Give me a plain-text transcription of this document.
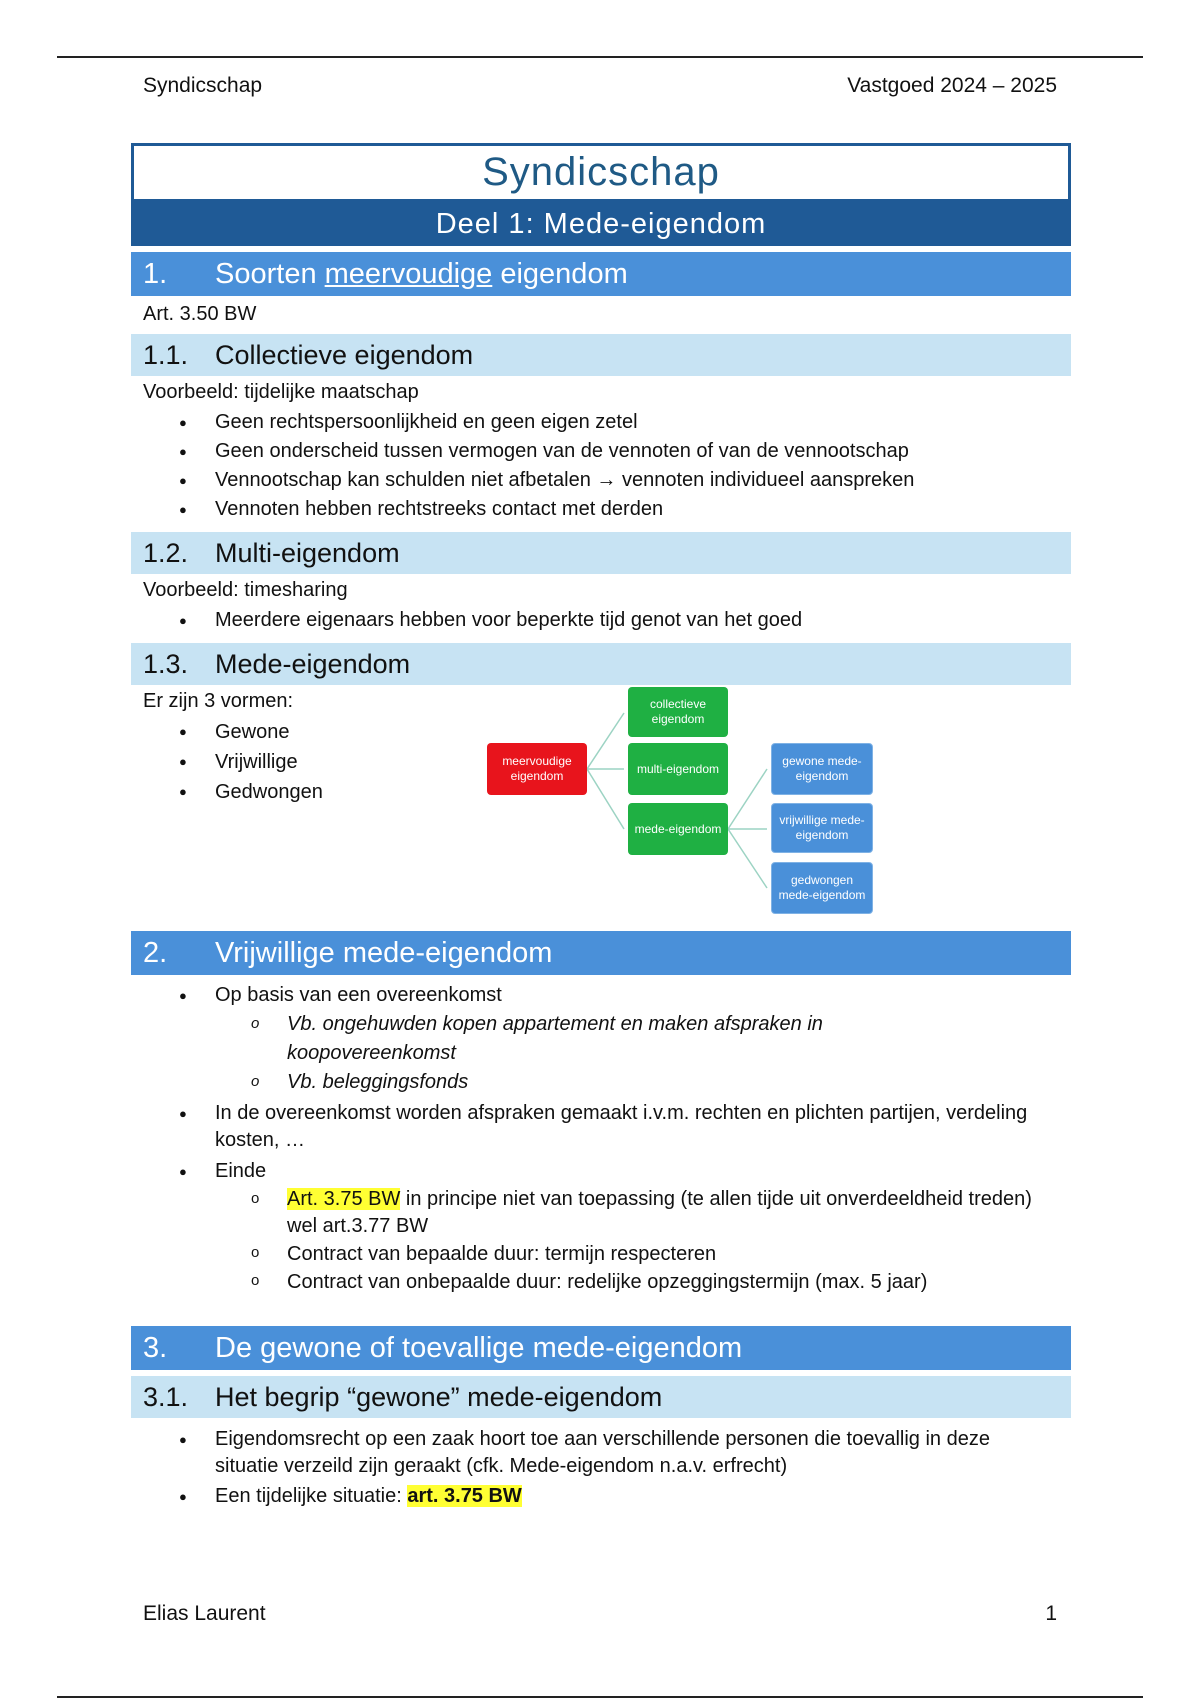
Syndicschap	Vastgoed 2024 – 2025
Syndicschap
Deel 1: Mede-eigendom
1. Soorten meervoudige eigendom
Art. 3.50 BW
1.1. Collectieve eigendom
Voorbeeld: tijdelijke maatschap
● Geen rechtspersoonlijkheid en geen eigen zetel
● Geen onderscheid tussen vermogen van de vennoten of van de vennootschap
● Vennootschap kan schulden niet afbetalen → vennoten individueel aanspreken
● Vennoten hebben rechtstreeks contact met derden
1.2. Multi-eigendom
Voorbeeld: timesharing
● Meerdere eigenaars hebben voor beperkte tijd genot van het goed
1.3. Mede-eigendom
Er zijn 3 vormen:
● Gewone
● Vrijwillige
● Gedwongen
meervoudige eigendom
collectieve eigendom
multi-eigendom
mede-eigendom
gewone mede-eigendom
vrijwillige mede-eigendom
gedwongen mede-eigendom
2. Vrijwillige mede-eigendom
● Op basis van een overeenkomst
o Vb. ongehuwden kopen appartement en maken afspraken in koopovereenkomst
o Vb. beleggingsfonds
● In de overeenkomst worden afspraken gemaakt i.v.m. rechten en plichten partijen, verdeling kosten, …
● Einde
o Art. 3.75 BW in principe niet van toepassing (te allen tijde uit onverdeeldheid treden) wel art.3.77 BW
o Contract van bepaalde duur: termijn respecteren
o Contract van onbepaalde duur: redelijke opzeggingstermijn (max. 5 jaar)
3. De gewone of toevallige mede-eigendom
3.1. Het begrip “gewone” mede-eigendom
● Eigendomsrecht op een zaak hoort toe aan verschillende personen die toevallig in deze situatie verzeild zijn geraakt (cfk. Mede-eigendom n.a.v. erfrecht)
● Een tijdelijke situatie: art. 3.75 BW
Elias Laurent	1
